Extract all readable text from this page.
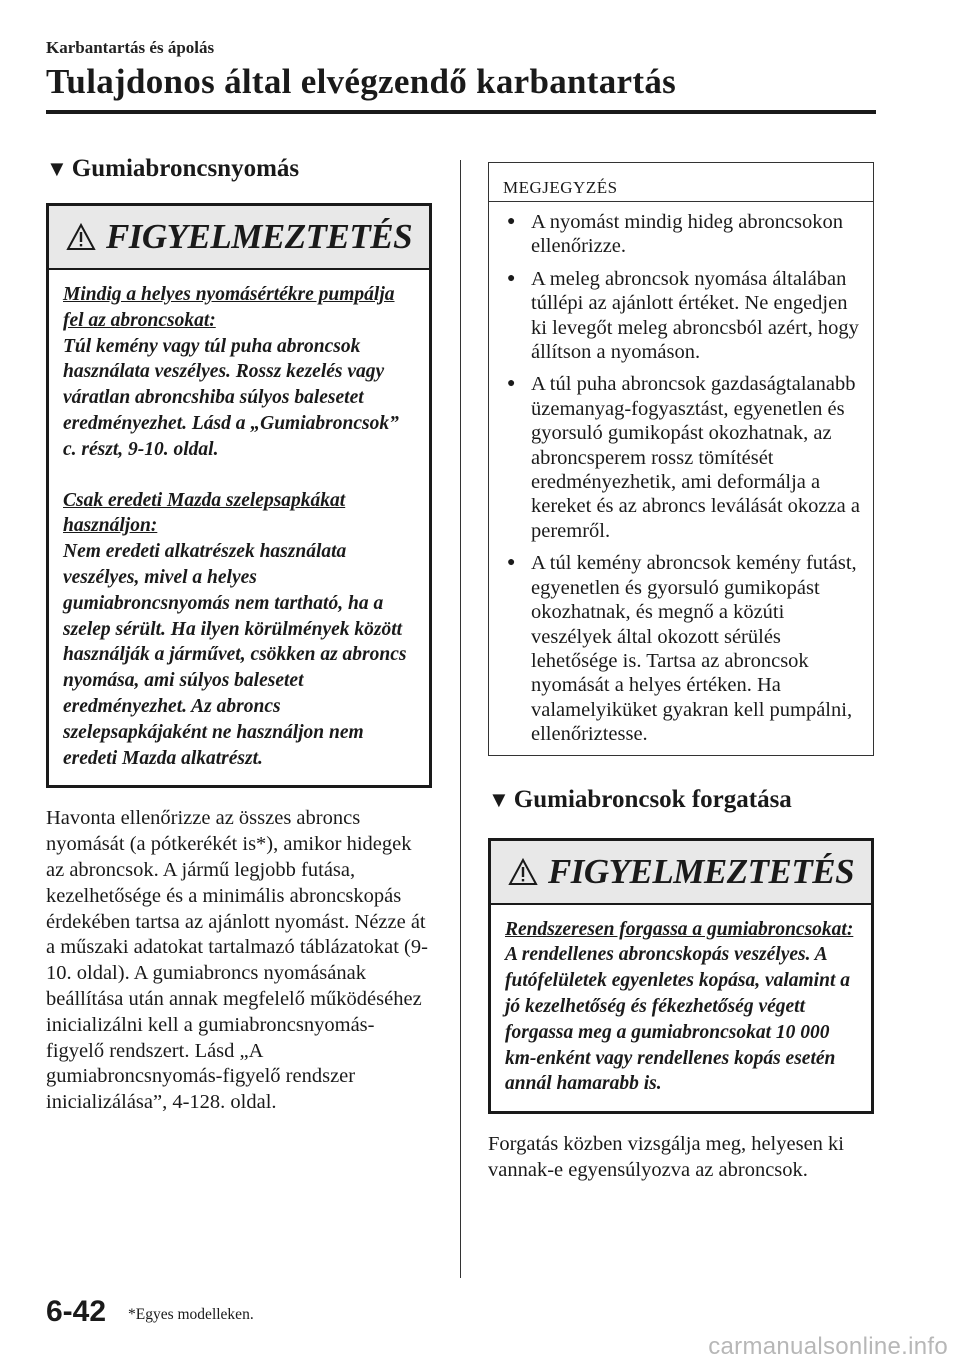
Karbantartás és ápolás
Tulajdonos által elvégzendő karbantartás
▼ Gumiabroncsnyomás
FIGYELMEZTETÉS

Mindig a helyes nyomásértékre pumpálja fel az abroncsokat:

Túl kemény vagy túl puha abroncsok használata veszélyes. Rossz kezelés vagy váratlan abroncshiba súlyos balesetet eredményezhet. Lásd a „Gumiabroncsok” c. részt, 9-10. oldal.

Csak eredeti Mazda szelepsapkákat használjon:

Nem eredeti alkatrészek használata veszélyes, mivel a helyes gumiabroncsnyomás nem tartható, ha a szelep sérült. Ha ilyen körülmények között használják a járművet, csökken az abroncs nyomása, ami súlyos balesetet eredményezhet. Az abroncs szelepsapkájaként ne használjon nem eredeti Mazda alkatrészt.

Havonta ellenőrizze az összes abroncs nyomását (a pótkerékét is*), amikor hidegek az abroncsok. A jármű legjobb futása, kezelhetősége és a minimális abroncskopás érdekében tartsa az ajánlott nyomást. Nézze át a műszaki adatokat tartalmazó táblázatokat (9-10. oldal). A gumiabroncs nyomásának beállítása után annak megfelelő működéséhez inicializálni kell a gumiabroncsnyomás-figyelő rendszert. Lásd „A gumiabroncsnyomás-figyelő rendszer inicializálása”, 4-128. oldal.

MEGJEGYZÉS
● A nyomást mindig hideg abroncsokon ellenőrizze.
● A meleg abroncsok nyomása általában túllépi az ajánlott értéket. Ne engedjen ki levegőt meleg abroncsból azért, hogy állítson a nyomáson.
● A túl puha abroncsok gazdaságtalanabb üzemanyag-fogyasztást, egyenetlen és gyorsuló gumikopást okozhatnak, az abroncsperem rossz tömítését eredményezhetik, ami deformálja a kereket és az abroncs leválását okozza a peremről.
● A túl kemény abroncsok kemény futást, egyenetlen és gyorsuló gumikopást okozhatnak, és megnő a közúti veszélyek által okozott sérülés lehetősége is. Tartsa az abroncsok nyomását a helyes értéken. Ha valamelyiküket gyakran kell pumpálni, ellenőriztesse.
▼ Gumiabroncsok forgatása
FIGYELMEZTETÉS

Rendszeresen forgassa a gumiabroncsokat:

A rendellenes abroncskopás veszélyes. A futófelületek egyenletes kopása, valamint a jó kezelhetőség és fékezhetőség végett forgassa meg a gumiabroncsokat 10 000 km-enként vagy rendellenes kopás esetén annál hamarabb is.

Forgatás közben vizsgálja meg, helyesen ki vannak-e egyensúlyozva az abroncsok.

6-42 *Egyes modelleken.
carmanualsonline.info
